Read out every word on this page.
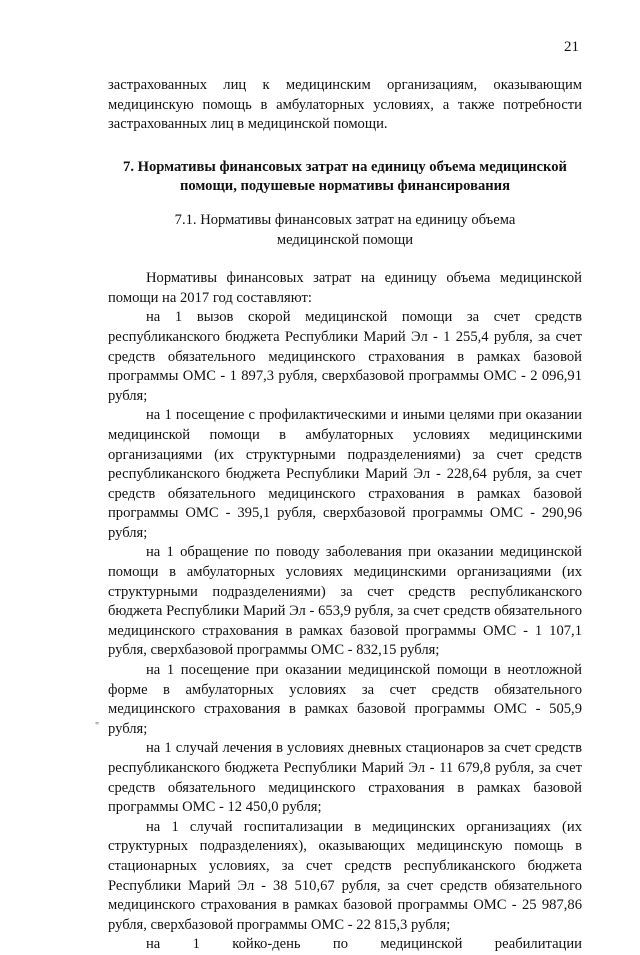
21
"

застрахованных лиц к медицинским организациям, оказывающим медицинскую помощь в амбулаторных условиях, а также потребности застрахованных лиц в медицинской помощи.

7. Нормативы финансовых затрат на единицу объема медицинской помощи, подушевые нормативы финансирования

7.1. Нормативы финансовых затрат на единицу объема медицинской помощи

Нормативы финансовых затрат на единицу объема медицинской помощи на 2017 год составляют:

на 1 вызов скорой медицинской помощи за счет средств республиканского бюджета Республики Марий Эл - 1 255,4 рубля, за счет средств обязательного медицинского страхования в рамках базовой программы ОМС - 1 897,3 рубля, сверхбазовой программы ОМС - 2 096,91 рубля;

на 1 посещение с профилактическими и иными целями при оказании медицинской помощи в амбулаторных условиях медицинскими организациями (их структурными подразделениями) за счет средств республиканского бюджета Республики Марий Эл - 228,64 рубля, за счет средств обязательного медицинского страхования в рамках базовой программы ОМС - 395,1 рубля, сверхбазовой программы ОМС - 290,96 рубля;

на 1 обращение по поводу заболевания при оказании медицинской помощи в амбулаторных условиях медицинскими организациями (их структурными подразделениями) за счет средств республиканского бюджета Республики Марий Эл - 653,9 рубля, за счет средств обязательного медицинского страхования в рамках базовой программы ОМС - 1 107,1 рубля, сверхбазовой программы ОМС - 832,15 рубля;

на 1 посещение при оказании медицинской помощи в неотложной форме в амбулаторных условиях за счет средств обязательного медицинского страхования в рамках базовой программы ОМС - 505,9 рубля;

на 1 случай лечения в условиях дневных стационаров за счет средств республиканского бюджета Республики Марий Эл - 11 679,8 рубля, за счет средств обязательного медицинского страхования в рамках базовой программы ОМС - 12 450,0 рубля;

на 1 случай госпитализации в медицинских организациях (их структурных подразделениях), оказывающих медицинскую помощь в стационарных условиях, за счет средств республиканского бюджета Республики Марий Эл - 38 510,67 рубля, за счет средств обязательного медицинского страхования в рамках базовой программы ОМС - 25 987,86 рубля, сверхбазовой программы ОМС - 22 815,3 рубля;

на 1 койко-день по медицинской реабилитации
